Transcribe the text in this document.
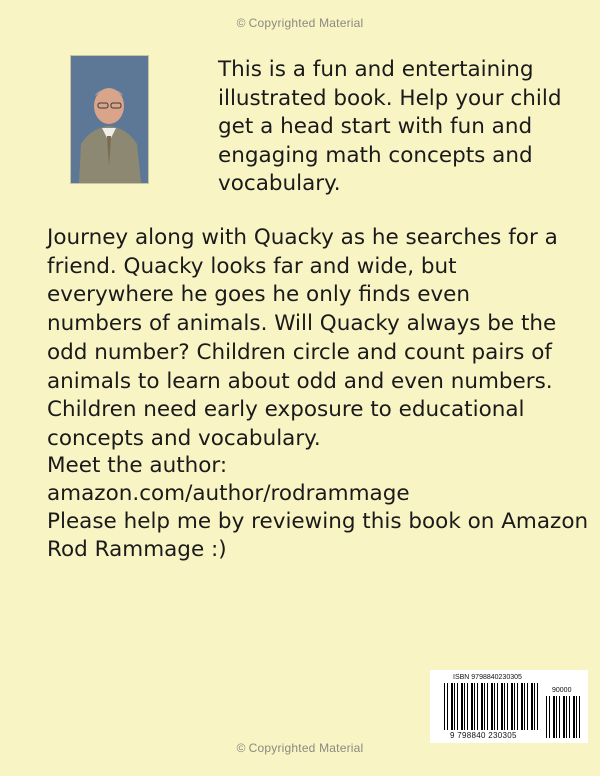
© Copyrighted Material

This is a fun and entertaining illustrated book. Help your child get a head start with fun and engaging math concepts and vocabulary.

Journey along with Quacky as he searches for a friend. Quacky looks far and wide, but everywhere he goes he only finds even numbers of animals. Will Quacky always be the odd number? Children circle and count pairs of animals to learn about odd and even numbers. Children need early exposure to educational concepts and vocabulary.

Meet the author:
amazon.com/author/rodrammage
Please help me by reviewing this book on Amazon
Rod Rammage :)
ISBN 9798840230305
90000
9 798840 230305
© Copyrighted Material
